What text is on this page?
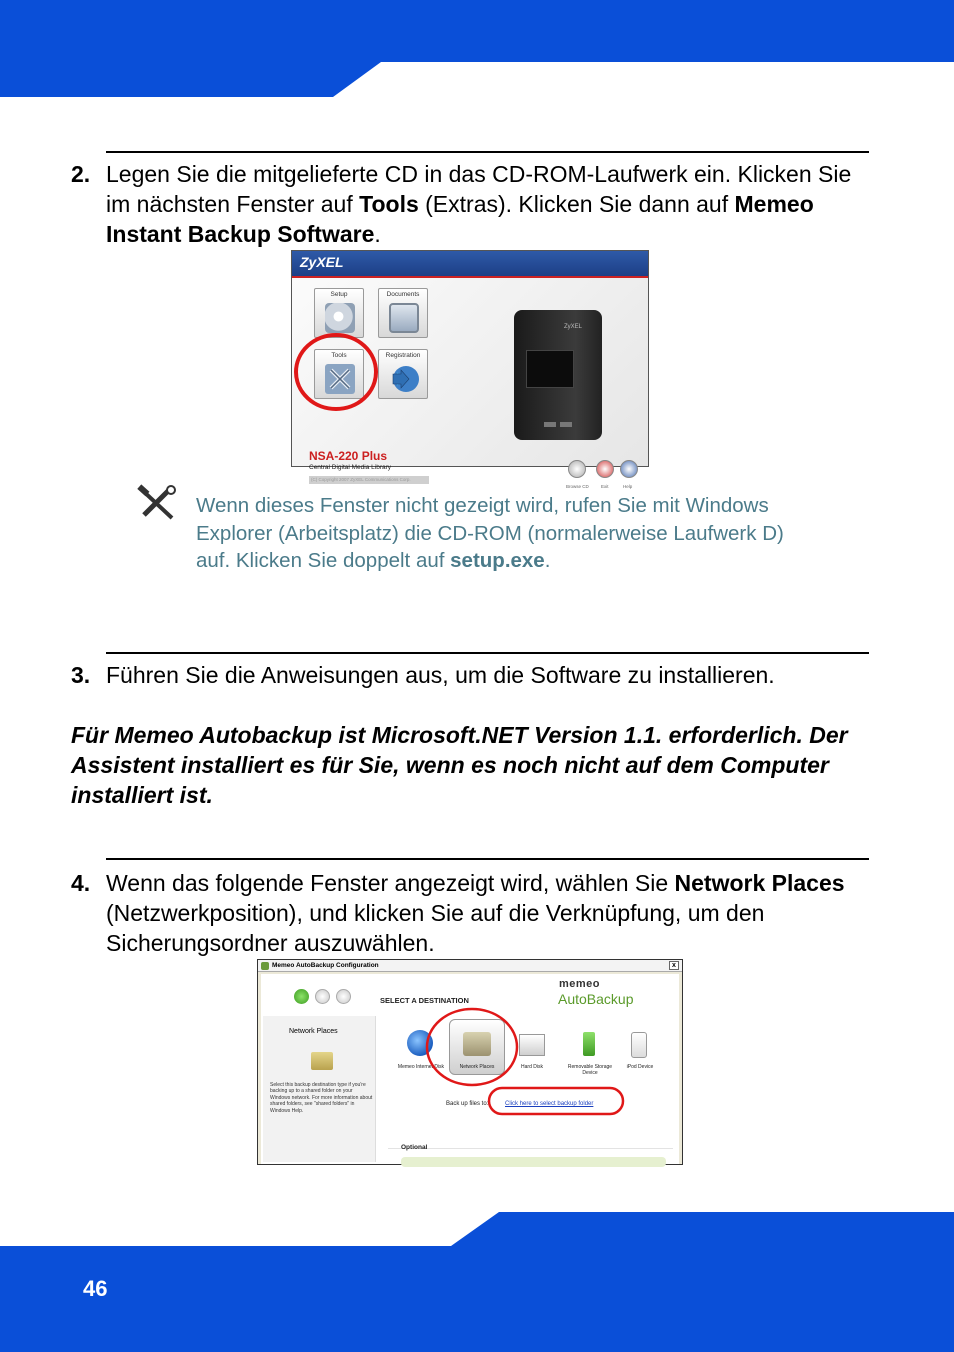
2. Legen Sie die mitgelieferte CD in das CD-ROM-Laufwerk ein. Klicken Sie im nächsten Fenster auf Tools (Extras). Klicken Sie dann auf Memeo Instant Backup Software.
ZyXEL
Setup	Documents
Tools	Registration
ZyXEL
NSA-220 Plus
Central Digital Media Library
(C) Copyright 2007 ZyXEL Communications Corp.
Browse CD	Exit	Help
Wenn dieses Fenster nicht gezeigt wird, rufen Sie mit Windows Explorer (Arbeitsplatz) die CD-ROM (normalerweise Laufwerk D) auf. Klicken Sie doppelt auf setup.exe.
3. Führen Sie die Anweisungen aus, um die Software zu installieren.
Für Memeo Autobackup ist Microsoft.NET Version 1.1. erforderlich. Der Assistent installiert es für Sie, wenn es noch nicht auf dem Computer installiert ist.
4. Wenn das folgende Fenster angezeigt wird, wählen Sie Network Places (Netzwerkposition), und klicken Sie auf die Verknüpfung, um den Sicherungsordner auszuwählen.
Memeo AutoBackup Configuration	x
SELECT A DESTINATION
memeo
AutoBackup
Network Places
Select this backup destination type if you're backing up to a shared folder on your Windows network. For more information about shared folders, see "shared folders" in Windows Help.
Memeo Internet Disk	Network Places	Hard Disk	Removable Storage Device
iPod Device
Back up files to:	Click here to select backup folder
Optional
46
